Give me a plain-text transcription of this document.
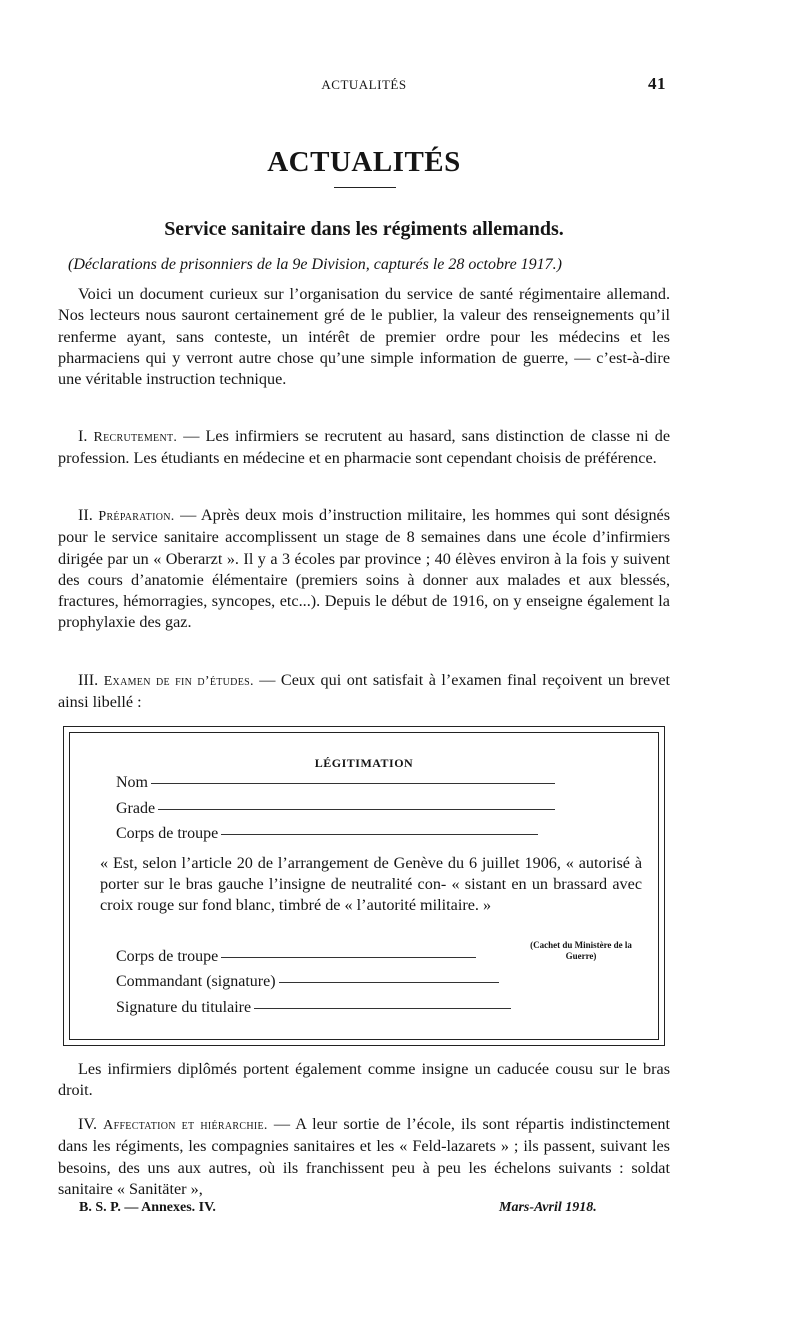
ACTUALITÉS	41
ACTUALITÉS
Service sanitaire dans les régiments allemands.
(Déclarations de prisonniers de la 9e Division, capturés le 28 octobre 1917.)
Voici un document curieux sur l’organisation du service de santé régimentaire allemand. Nos lecteurs nous sauront certainement gré de le publier, la valeur des renseignements qu’il renferme ayant, sans conteste, un intérêt de premier ordre pour les médecins et les pharmaciens qui y verront autre chose qu’une simple information de guerre, — c’est-à-dire une véritable instruction technique.
I. Recrutement. — Les infirmiers se recrutent au hasard, sans distinction de classe ni de profession. Les étudiants en médecine et en pharmacie sont cependant choisis de préférence.
II. Préparation. — Après deux mois d’instruction militaire, les hommes qui sont désignés pour le service sanitaire accomplissent un stage de 8 semaines dans une école d’infirmiers dirigée par un « Oberarzt ». Il y a 3 écoles par province ; 40 élèves environ à la fois y suivent des cours d’anatomie élémentaire (premiers soins à donner aux malades et aux blessés, fractures, hémorragies, syncopes, etc...). Depuis le début de 1916, on y enseigne également la prophylaxie des gaz.
III. Examen de fin d’études. — Ceux qui ont satisfait à l’examen final reçoivent un brevet ainsi libellé :
LÉGITIMATION
Nom
Grade
Corps de troupe
« Est, selon l’article 20 de l’arrangement de Genève du 6 juillet 1906, « autorisé à porter sur le bras gauche l’insigne de neutralité con- « sistant en un brassard avec croix rouge sur fond blanc, timbré de « l’autorité militaire. »
Corps de troupe
(Cachet du Ministère de la Guerre)
Commandant (signature)
Signature du titulaire
Les infirmiers diplômés portent également comme insigne un caducée cousu sur le bras droit.
IV. Affectation et hiérarchie. — A leur sortie de l’école, ils sont répartis indistinctement dans les régiments, les compagnies sanitaires et les « Feld-lazarets » ; ils passent, suivant les besoins, des uns aux autres, où ils franchissent peu à peu les échelons suivants : soldat sanitaire « Sanitäter »,
B. S. P. — Annexes. IV.	Mars-Avril 1918.
